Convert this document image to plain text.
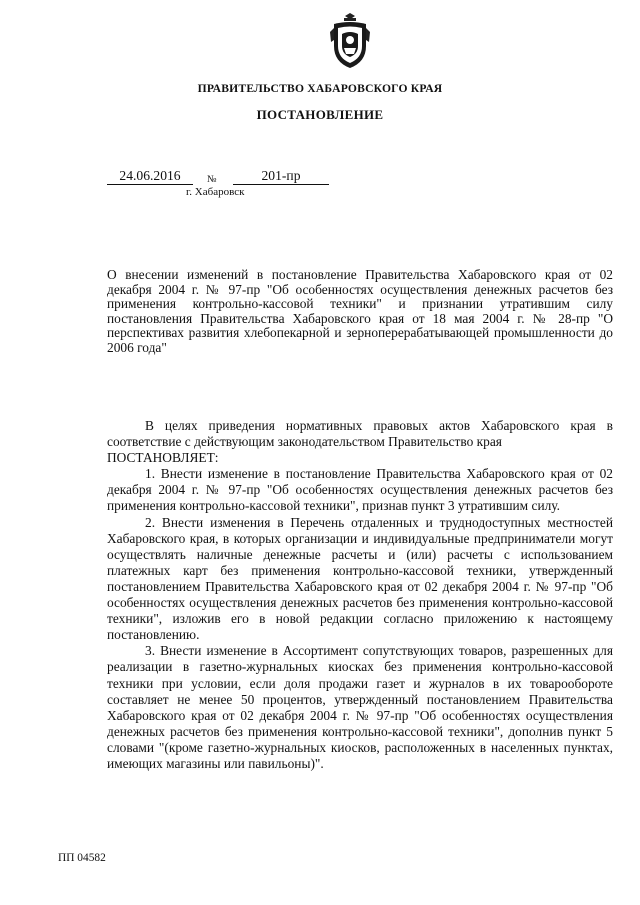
ПРАВИТЕЛЬСТВО ХАБАРОВСКОГО КРАЯ
ПОСТАНОВЛЕНИЕ
24.06.2016	№	201-пр
г. Хабаровск
О внесении изменений в постановление Правительства Хабаровского края от 02 декабря 2004 г. № 97-пр "Об особенностях осуществления денежных расчетов без применения контрольно-кассовой техники" и признании утратившим силу постановления Правительства Хабаровского края от 18 мая 2004 г. № 28-пр "О перспективах развития хлебопекарной и зерноперерабатывающей промышленности до 2006 года"

В целях приведения нормативных правовых актов Хабаровского края в соответствие с действующим законодательством Правительство края

ПОСТАНОВЛЯЕТ:

1. Внести изменение в постановление Правительства Хабаровского края от 02 декабря 2004 г. № 97-пр "Об особенностях осуществления денежных расчетов без применения контрольно-кассовой техники", признав пункт 3 утратившим силу.

2. Внести изменения в Перечень отдаленных и труднодоступных местностей Хабаровского края, в которых организации и индивидуальные предприниматели могут осуществлять наличные денежные расчеты и (или) расчеты с использованием платежных карт без применения контрольно-кассовой техники, утвержденный постановлением Правительства Хабаровского края от 02 декабря 2004 г. № 97-пр "Об особенностях осуществления денежных расчетов без применения контрольно-кассовой техники", изложив его в новой редакции согласно приложению к настоящему постановлению.

3. Внести изменение в Ассортимент сопутствующих товаров, разрешенных для реализации в газетно-журнальных киосках без применения контрольно-кассовой техники при условии, если доля продажи газет и журналов в их товарообороте составляет не менее 50 процентов, утвержденный постановлением Правительства Хабаровского края от 02 декабря 2004 г. № 97-пр "Об особенностях осуществления денежных расчетов без применения контрольно-кассовой техники", дополнив пункт 5 словами "(кроме газетно-журнальных киосков, расположенных в населенных пунктах, имеющих магазины или павильоны)".

ПП 04582
